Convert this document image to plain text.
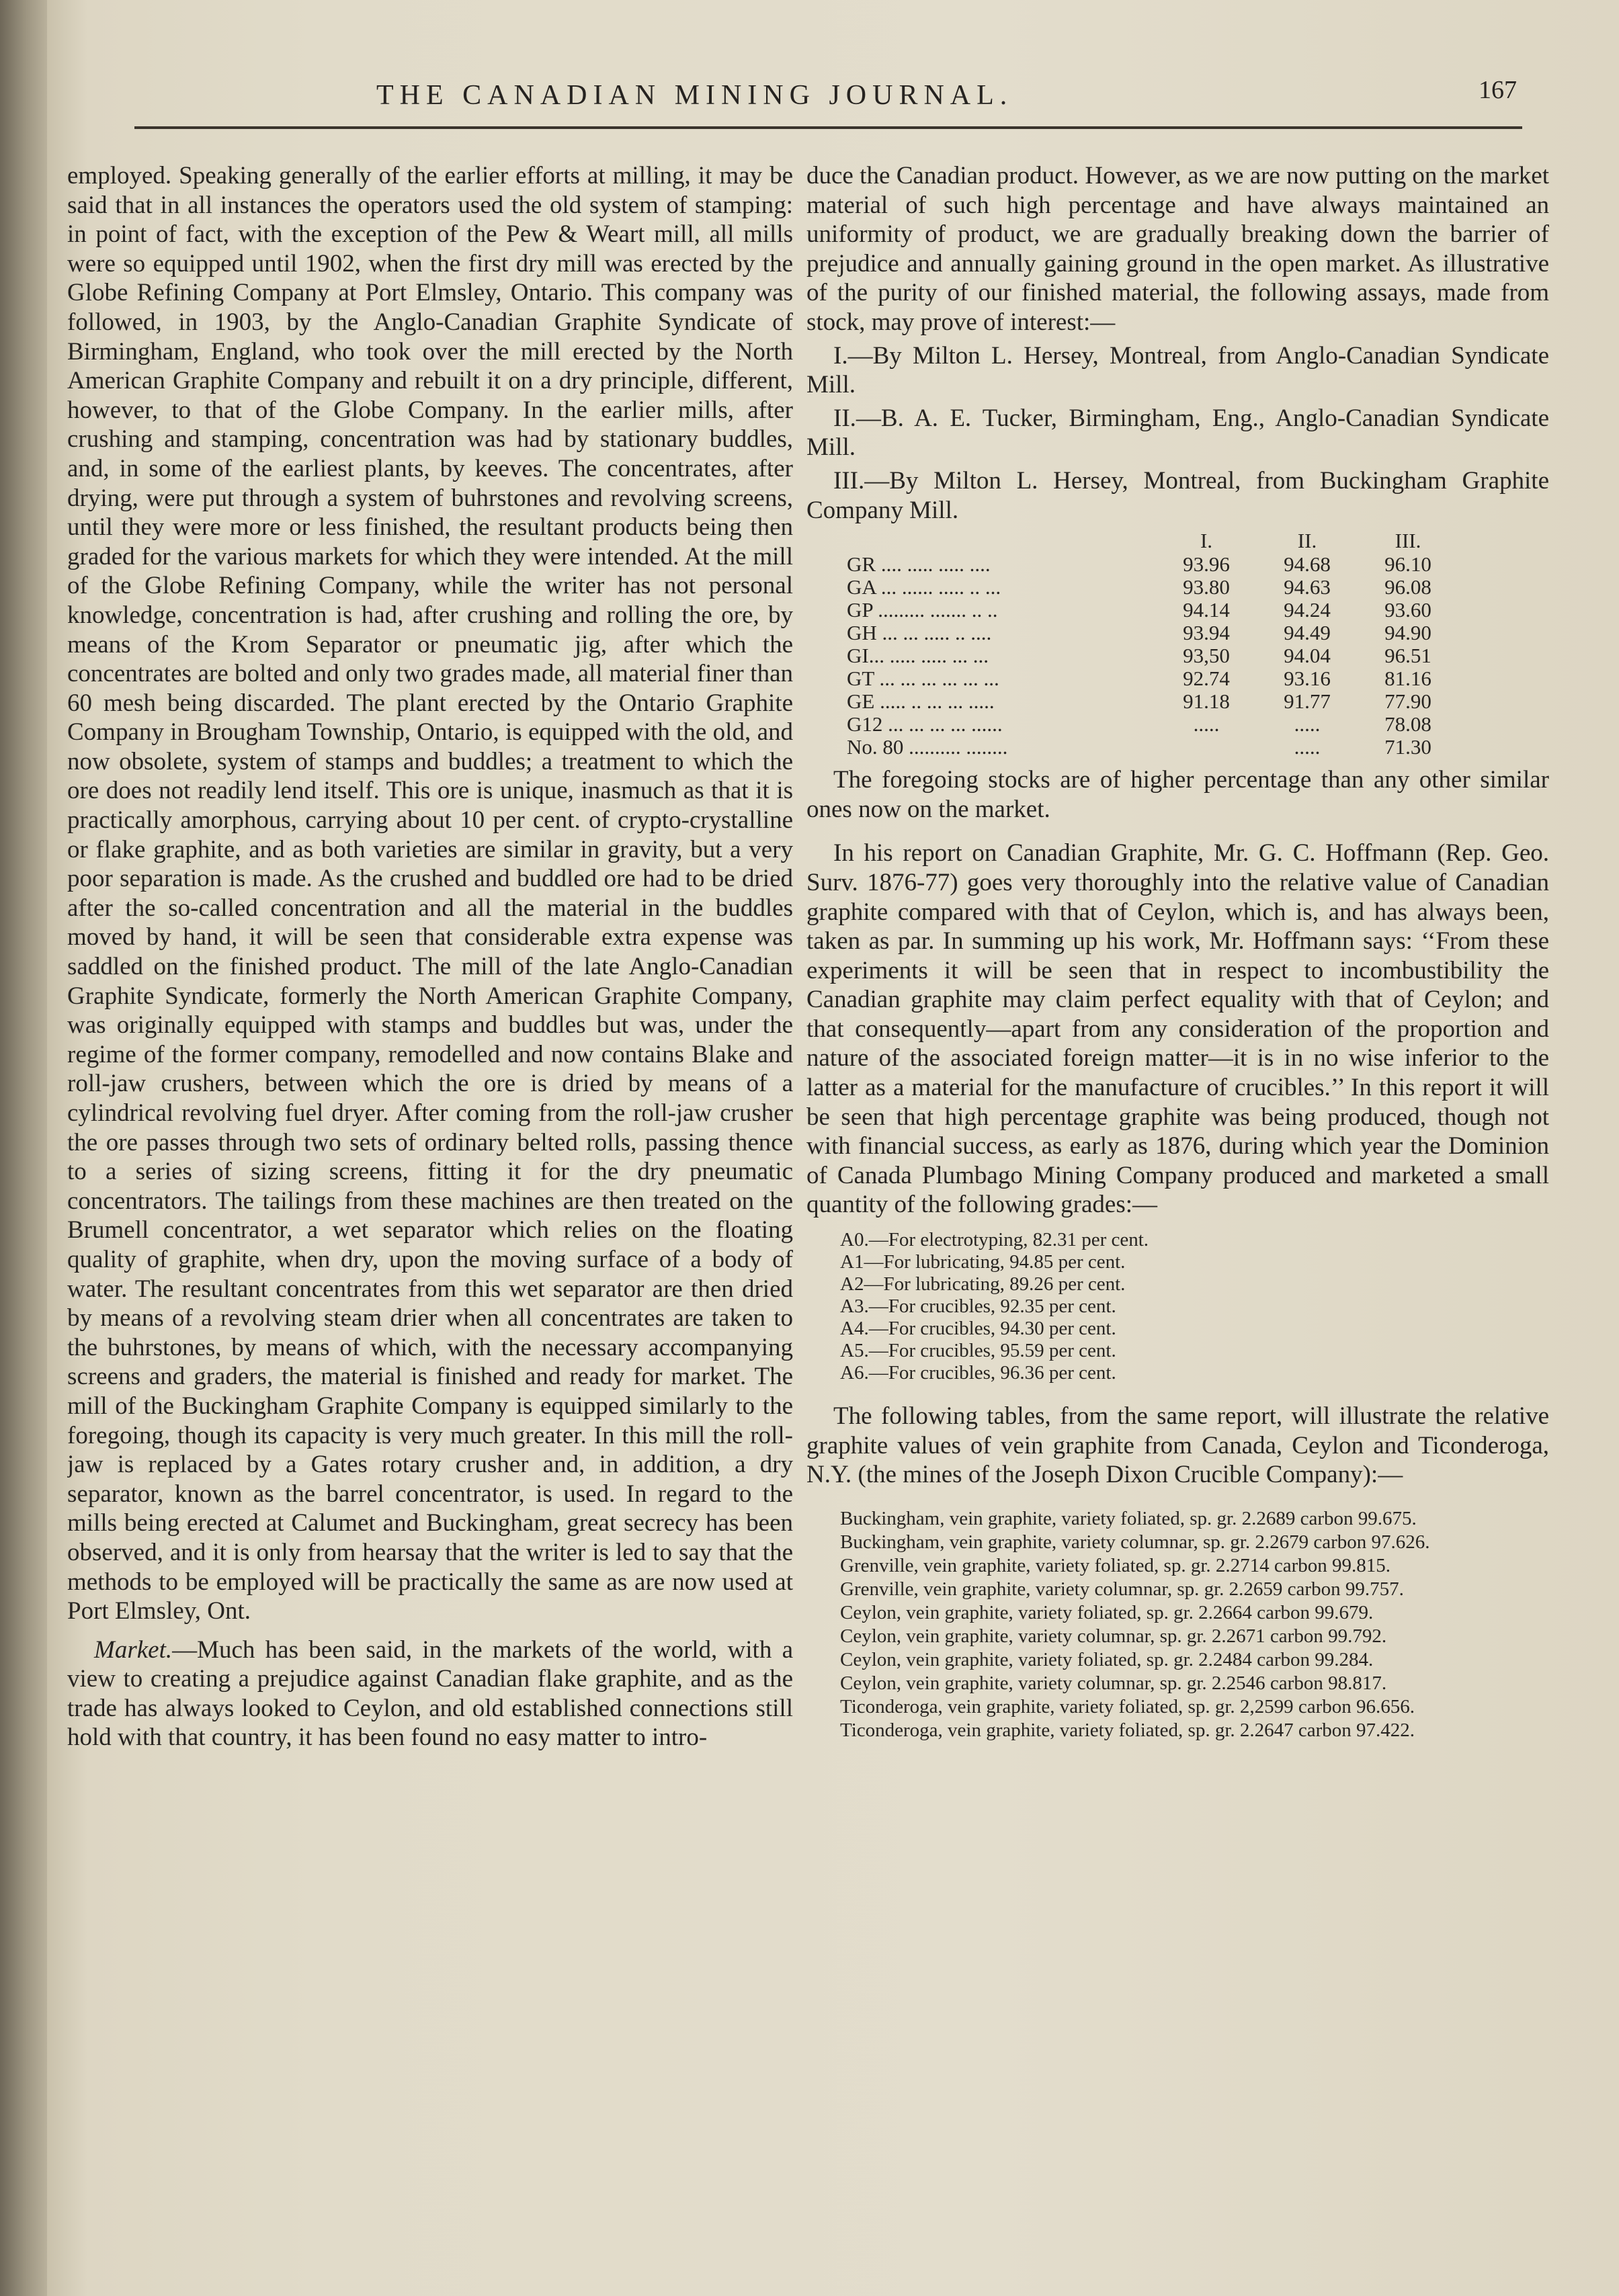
THE CANADIAN MINING JOURNAL.	167

employed. Speaking generally of the earlier efforts at milling, it may be said that in all instances the operators used the old system of stamping: in point of fact, with the exception of the Pew & Weart mill, all mills were so equipped until 1902, when the first dry mill was erected by the Globe Refining Company at Port Elmsley, Ontario. This company was followed, in 1903, by the Anglo-Canadian Graphite Syndicate of Birmingham, England, who took over the mill erected by the North American Graphite Company and rebuilt it on a dry principle, different, however, to that of the Globe Company. In the earlier mills, after crushing and stamping, concentration was had by stationary buddles, and, in some of the earliest plants, by keeves. The concentrates, after drying, were put through a system of buhrstones and revolving screens, until they were more or less finished, the resultant products being then graded for the various markets for which they were intended. At the mill of the Globe Refining Company, while the writer has not personal knowledge, concentration is had, after crushing and rolling the ore, by means of the Krom Separator or pneumatic jig, after which the concentrates are bolted and only two grades made, all material finer than 60 mesh being discarded. The plant erected by the Ontario Graphite Company in Brougham Township, Ontario, is equipped with the old, and now obsolete, system of stamps and buddles; a treatment to which the ore does not readily lend itself. This ore is unique, inasmuch as that it is practically amorphous, carrying about 10 per cent. of crypto-crystalline or flake graphite, and as both varieties are similar in gravity, but a very poor separation is made. As the crushed and buddled ore had to be dried after the so-called concentration and all the material in the buddles moved by hand, it will be seen that considerable extra expense was saddled on the finished product. The mill of the late Anglo-Canadian Graphite Syndicate, formerly the North American Graphite Company, was originally equipped with stamps and buddles but was, under the regime of the former company, remodelled and now contains Blake and roll-jaw crushers, between which the ore is dried by means of a cylindrical revolving fuel dryer. After coming from the roll-jaw crusher the ore passes through two sets of ordinary belted rolls, passing thence to a series of sizing screens, fitting it for the dry pneumatic concentrators. The tailings from these machines are then treated on the Brumell concentrator, a wet separator which relies on the floating quality of graphite, when dry, upon the moving surface of a body of water. The resultant concentrates from this wet separator are then dried by means of a revolving steam drier when all concentrates are taken to the buhrstones, by means of which, with the necessary accompanying screens and graders, the material is finished and ready for market. The mill of the Buckingham Graphite Company is equipped similarly to the foregoing, though its capacity is very much greater. In this mill the roll-jaw is replaced by a Gates rotary crusher and, in addition, a dry separator, known as the barrel concentrator, is used. In regard to the mills being erected at Calumet and Buckingham, great secrecy has been observed, and it is only from hearsay that the writer is led to say that the methods to be employed will be practically the same as are now used at Port Elmsley, Ont.

Market.—Much has been said, in the markets of the world, with a view to creating a prejudice against Canadian flake graphite, and as the trade has always looked to Ceylon, and old established connections still hold with that country, it has been found no easy matter to intro-

duce the Canadian product. However, as we are now putting on the market material of such high percentage and have always maintained an uniformity of product, we are gradually breaking down the barrier of prejudice and annually gaining ground in the open market. As illustrative of the purity of our finished material, the following assays, made from stock, may prove of interest:—

I.—By Milton L. Hersey, Montreal, from Anglo-Canadian Syndicate Mill.

II.—B. A. E. Tucker, Birmingham, Eng., Anglo-Canadian Syndicate Mill.

III.—By Milton L. Hersey, Montreal, from Buckingham Graphite Company Mill.

	I.	II.	III.
GR .... ..... ..... ....	93.96	94.68	96.10
GA ... ...... ..... .. ...	93.80	94.63	96.08
GP ......... ....... .. ..	94.14	94.24	93.60
GH ... ... ..... .. ....	93.94	94.49	94.90
GI... ..... ..... ... ...	93,50	94.04	96.51
GT ... ... ... ... ... ...	92.74	93.16	81.16
GE ..... .. ... ... .....	91.18	91.77	77.90
G12 ... ... ... ... ......	.....	.....	78.08
No. 80 .......... ........		.....	71.30

The foregoing stocks are of higher percentage than any other similar ones now on the market.

In his report on Canadian Graphite, Mr. G. C. Hoffmann (Rep. Geo. Surv. 1876-77) goes very thoroughly into the relative value of Canadian graphite compared with that of Ceylon, which is, and has always been, taken as par. In summing up his work, Mr. Hoffmann says: ‘‘From these experiments it will be seen that in respect to incombustibility the Canadian graphite may claim perfect equality with that of Ceylon; and that consequently—apart from any consideration of the proportion and nature of the associated foreign matter—it is in no wise inferior to the latter as a material for the manufacture of crucibles.’’ In this report it will be seen that high percentage graphite was being produced, though not with financial success, as early as 1876, during which year the Dominion of Canada Plumbago Mining Company produced and marketed a small quantity of the following grades:—

A0.—For electrotyping, 82.31 per cent.
A1—For lubricating, 94.85 per cent.
A2—For lubricating, 89.26 per cent.
A3.—For crucibles, 92.35 per cent.
A4.—For crucibles, 94.30 per cent.
A5.—For crucibles, 95.59 per cent.
A6.—For crucibles, 96.36 per cent.

The following tables, from the same report, will illustrate the relative graphite values of vein graphite from Canada, Ceylon and Ticonderoga, N.Y. (the mines of the Joseph Dixon Crucible Company):—

Buckingham, vein graphite, variety foliated, sp. gr. 2.2689 carbon 99.675.
Buckingham, vein graphite, variety columnar, sp. gr. 2.2679 carbon 97.626.
Grenville, vein graphite, variety foliated, sp. gr. 2.2714 carbon 99.815.
Grenville, vein graphite, variety columnar, sp. gr. 2.2659 carbon 99.757.
Ceylon, vein graphite, variety foliated, sp. gr. 2.2664 carbon 99.679.
Ceylon, vein graphite, variety columnar, sp. gr. 2.2671 carbon 99.792.
Ceylon, vein graphite, variety foliated, sp. gr. 2.2484 carbon 99.284.
Ceylon, vein graphite, variety columnar, sp. gr. 2.2546 carbon 98.817.
Ticonderoga, vein graphite, variety foliated, sp. gr. 2,2599 carbon 96.656.
Ticonderoga, vein graphite, variety foliated, sp. gr. 2.2647 carbon 97.422.
